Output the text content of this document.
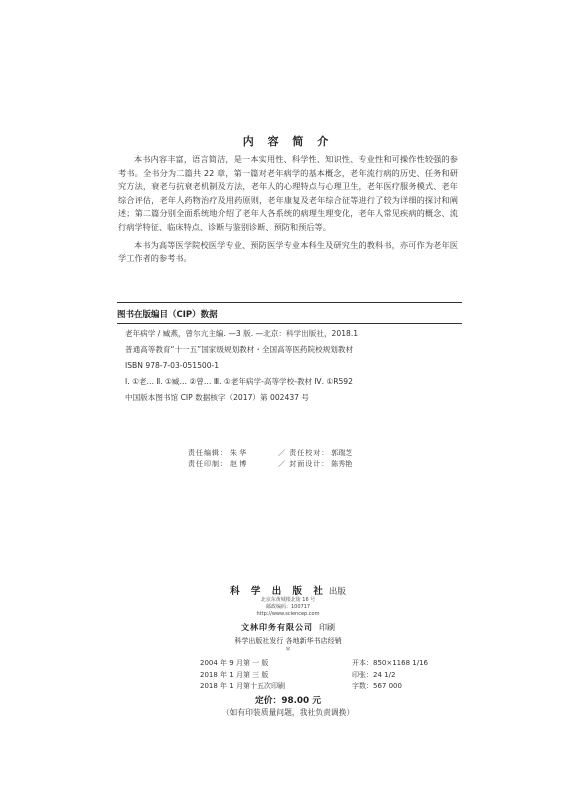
内 容 简 介

本书内容丰富，语言简洁，是一本实用性、科学性、知识性、专业性和可操作性较强的参考书。全书分为二篇共 22 章，第一篇对老年病学的基本概念，老年流行病的历史、任务和研究方法，衰老与抗衰老机制及方法，老年人的心理特点与心理卫生，老年医疗服务模式、老年综合评估，老年人药物治疗及用药原则，老年康复及老年综合征等进行了较为详细的探讨和阐述；第二篇分别全面系统地介绍了老年人各系统的病理生理变化，老年人常见疾病的概念、流行病学特征、临床特点、诊断与鉴别诊断、预防和预后等。

本书为高等医学院校医学专业、预防医学专业本科生及研究生的教科书，亦可作为老年医学工作者的参考书。

图书在版编目（CIP）数据
老年病学 / 臧燕，曾尔亢主编. —3 版. —北京：科学出版社，2018.1
普通高等教育“十一五”国家级规划教材・全国高等医药院校规划教材
ISBN 978-7-03-051500-1
Ⅰ. ①老… Ⅱ. ①臧… ②曾… Ⅲ. ①老年病学-高等学校-教材 Ⅳ. ①R592
中国版本图书馆 CIP 数据核字（2017）第 002437 号
责任编辑： 朱 华	／ 责任校对： 郭瑞芝
责任印制： 赵 博	／ 封面设计： 陈秀艳
科 学 出 版 社 出版
北京东黄城根北街 16 号
邮政编码：100717
http://www.sciencep.com
文林印务有限公司 印刷
科学出版社发行 各地新华书店经销
＊
2004 年 9 月第 一 版	开本：850×1168 1/16
2018 年 1 月第 三 版	印张：24 1/2
2018 年 1 月第十五次印刷	字数：567 000
定价：98.00 元
（如有印装质量问题，我社负责调换）
